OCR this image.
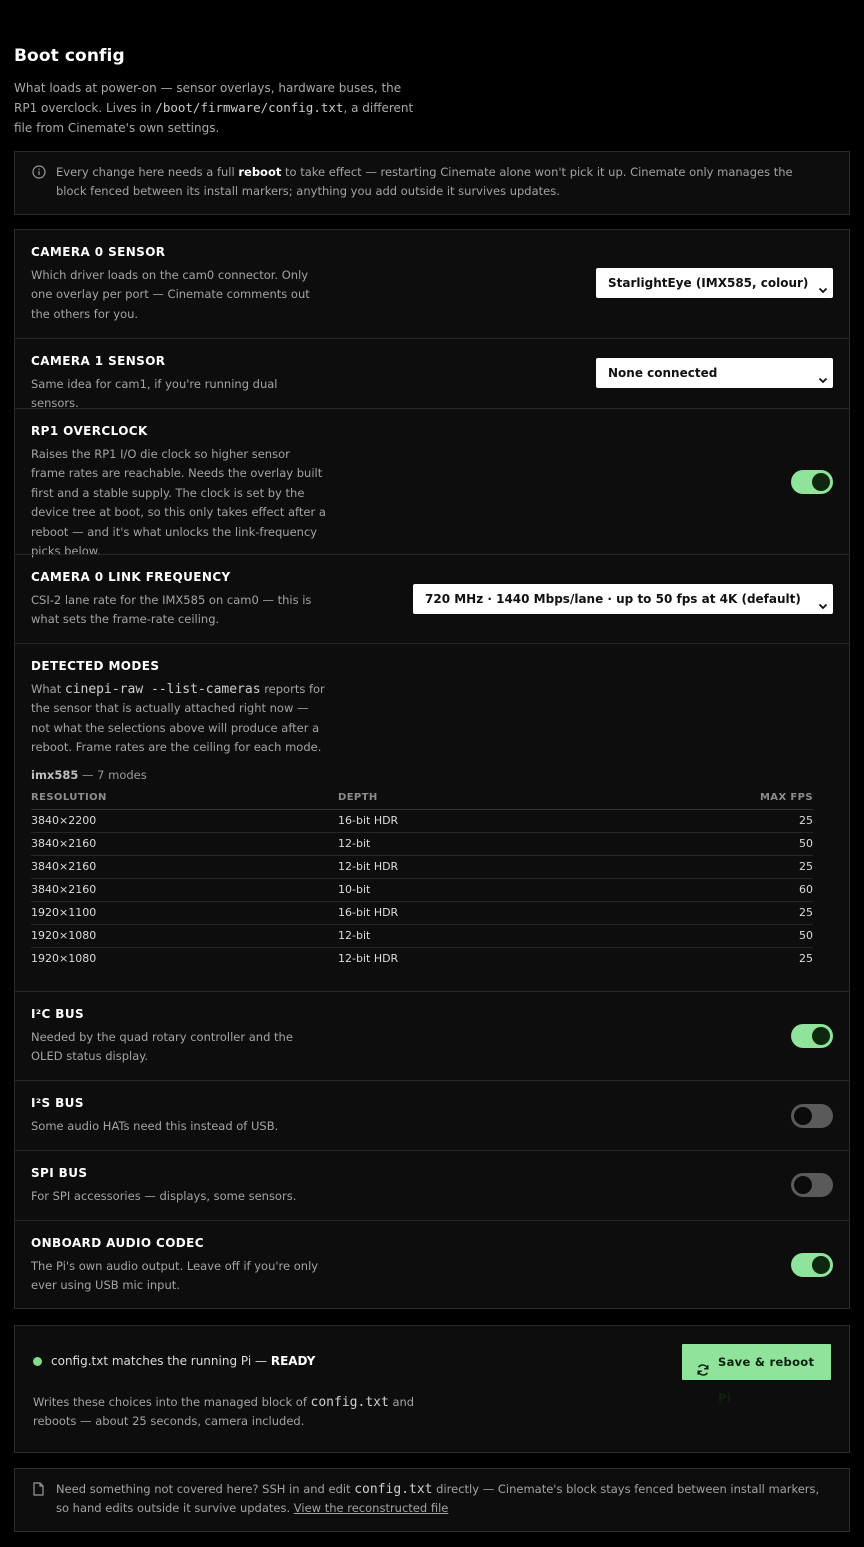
Boot config
What loads at power-on — sensor overlays, hardware buses, the RP1 overclock. Lives in /boot/firmware/config.txt, a different file from Cinemate's own settings.
Every change here needs a full reboot to take effect — restarting Cinemate alone won't pick it up. Cinemate only manages the block fenced between its install markers; anything you add outside it survives updates.
CAMERA 0 SENSOR
Which driver loads on the cam0 connector. Only one overlay per port — Cinemate comments out the others for you.
StarlightEye (IMX585, colour)
CAMERA 1 SENSOR
Same idea for cam1, if you're running dual sensors.
None connected
RP1 OVERCLOCK
Raises the RP1 I/O die clock so higher sensor frame rates are reachable. Needs the overlay built first and a stable supply. The clock is set by the device tree at boot, so this only takes effect after a reboot — and it's what unlocks the link-frequency picks below.
CAMERA 0 LINK FREQUENCY
CSI-2 lane rate for the IMX585 on cam0 — this is what sets the frame-rate ceiling.
720 MHz · 1440 Mbps/lane · up to 50 fps at 4K (default)
DETECTED MODES
What cinepi-raw --list-cameras reports for the sensor that is actually attached right now — not what the selections above will produce after a reboot. Frame rates are the ceiling for each mode.
imx585 — 7 modes
RESOLUTION	DEPTH	MAX FPS
3840×2200	16-bit HDR	25
3840×2160	12-bit	50
3840×2160	12-bit HDR	25
3840×2160	10-bit	60
1920×1100	16-bit HDR	25
1920×1080	12-bit	50
1920×1080	12-bit HDR	25
I²C BUS
Needed by the quad rotary controller and the OLED status display.
I²S BUS
Some audio HATs need this instead of USB.
SPI BUS
For SPI accessories — displays, some sensors.
ONBOARD AUDIO CODEC
The Pi's own audio output. Leave off if you're only ever using USB mic input.
config.txt matches the running Pi — READY	Save & reboot Pi
Writes these choices into the managed block of config.txt and reboots — about 25 seconds, camera included.
Need something not covered here? SSH in and edit config.txt directly — Cinemate's block stays fenced between install markers, so hand edits outside it survive updates. View the reconstructed file
